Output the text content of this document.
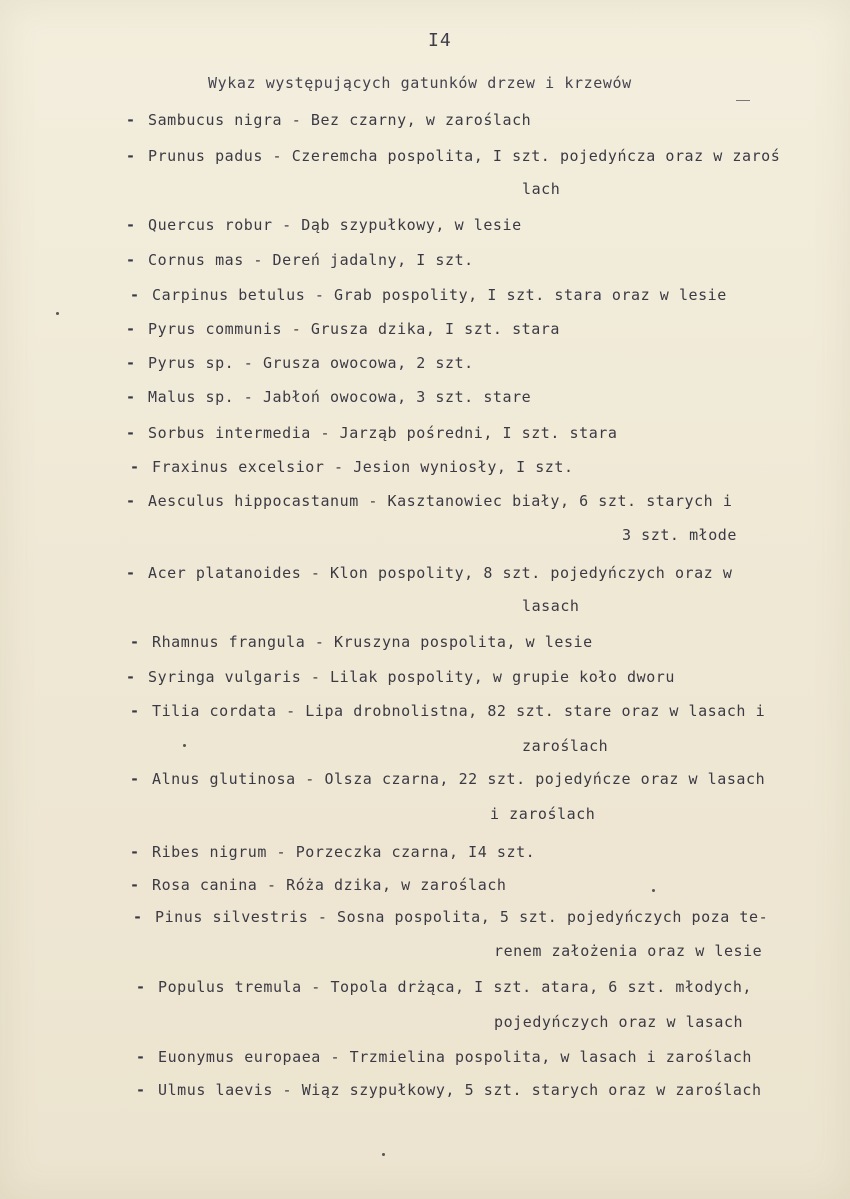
I4
Wykaz występujących gatunków drzew i krzewów
- Sambucus nigra - Bez czarny, w zaroślach
- Prunus padus - Czeremcha pospolita, I szt. pojedyńcza oraz w zaroś
lach
- Quercus robur - Dąb szypułkowy, w lesie
- Cornus mas - Dereń jadalny, I szt.
- Carpinus betulus - Grab pospolity, I szt. stara oraz w lesie
- Pyrus communis - Grusza dzika, I szt. stara
- Pyrus sp. - Grusza owocowa, 2 szt.
- Malus sp. - Jabłoń owocowa, 3 szt. stare
- Sorbus intermedia - Jarząb pośredni, I szt. stara
- Fraxinus excelsior - Jesion wyniosły, I szt.
- Aesculus hippocastanum - Kasztanowiec biały, 6 szt. starych i
3 szt. młode
- Acer platanoides - Klon pospolity, 8 szt. pojedyńczych oraz w
lasach
- Rhamnus frangula - Kruszyna pospolita, w lesie
- Syringa vulgaris - Lilak pospolity, w grupie koło dworu
- Tilia cordata - Lipa drobnolistna, 82 szt. stare oraz w lasach i
zaroślach
- Alnus glutinosa - Olsza czarna, 22 szt. pojedyńcze oraz w lasach
i zaroślach
- Ribes nigrum - Porzeczka czarna, I4 szt.
- Rosa canina - Róża dzika, w zaroślach
- Pinus silvestris - Sosna pospolita, 5 szt. pojedyńczych poza te-
renem założenia oraz w lesie
- Populus tremula - Topola drżąca, I szt. atara, 6 szt. młodych,
pojedyńczych oraz w lasach
- Euonymus europaea - Trzmielina pospolita, w lasach i zaroślach
- Ulmus laevis - Wiąz szypułkowy, 5 szt. starych oraz w zaroślach
